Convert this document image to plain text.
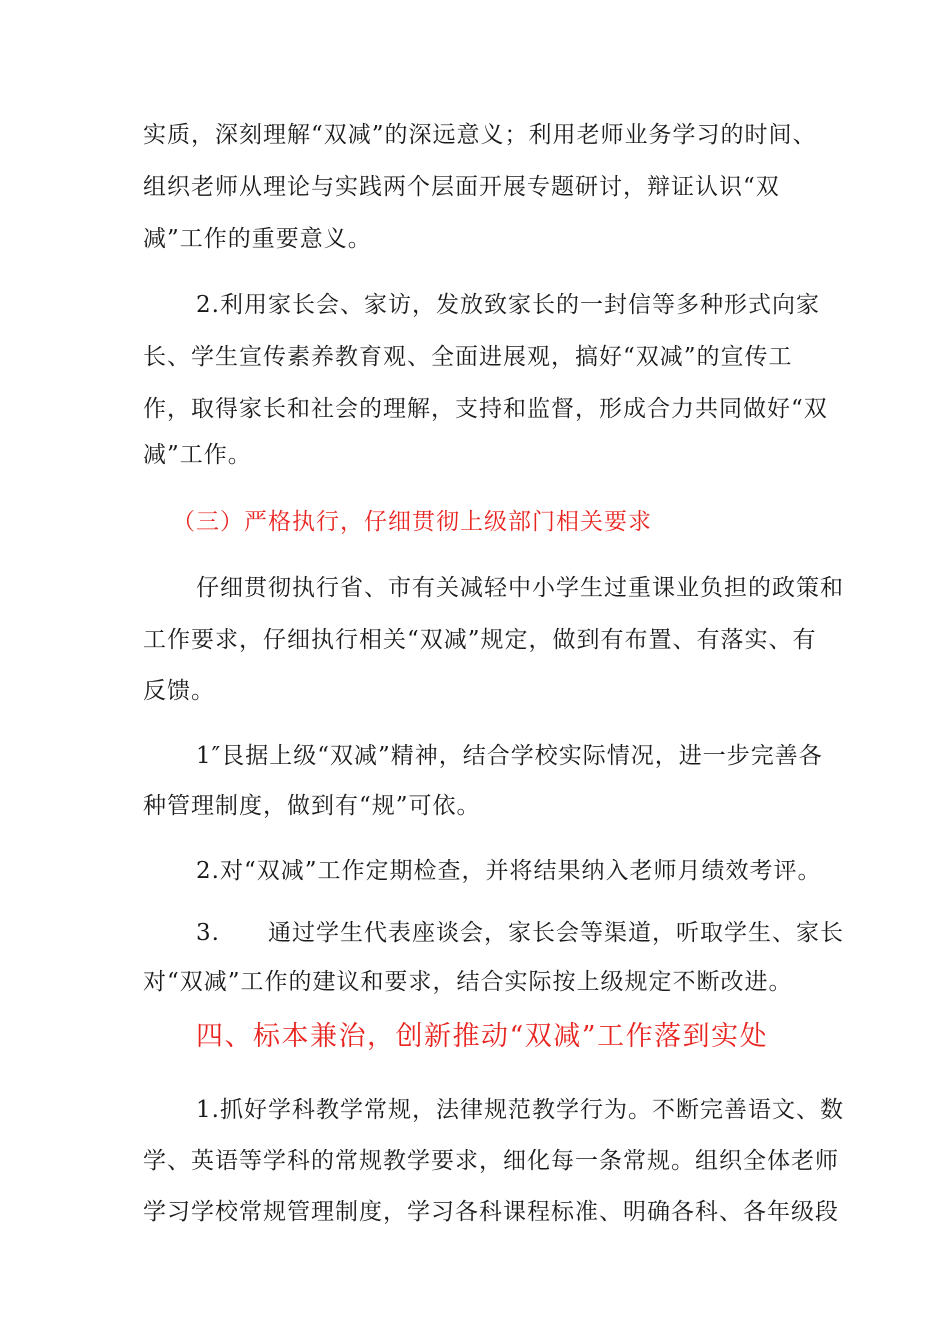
实质，深刻理解“双减”的深远意义；利用老师业务学习的时间、
组织老师从理论与实践两个层面开展专题研讨，辩证认识“双
减”工作的重要意义。
2.利用家长会、家访，发放致家长的一封信等多种形式向家
长、学生宣传素养教育观、全面进展观，搞好“双减”的宣传工
作，取得家长和社会的理解，支持和监督，形成合力共同做好“双
减”工作。
（三）严格执行，仔细贯彻上级部门相关要求
仔细贯彻执行省、市有关减轻中小学生过重课业负担的政策和
工作要求，仔细执行相关“双减”规定，做到有布置、有落实、有
反馈。
1″艮据上级“双减”精神，结合学校实际情况，进一步完善各
种管理制度，做到有“规”可依。
2.对“双减”工作定期检查，并将结果纳入老师月绩效考评。
3.　　通过学生代表座谈会，家长会等渠道，听取学生、家长
对“双减”工作的建议和要求，结合实际按上级规定不断改进。
四、标本兼治，创新推动“双减”工作落到实处
1.抓好学科教学常规，法律规范教学行为。不断完善语文、数
学、英语等学科的常规教学要求，细化每一条常规。组织全体老师
学习学校常规管理制度，学习各科课程标准、明确各科、各年级段
